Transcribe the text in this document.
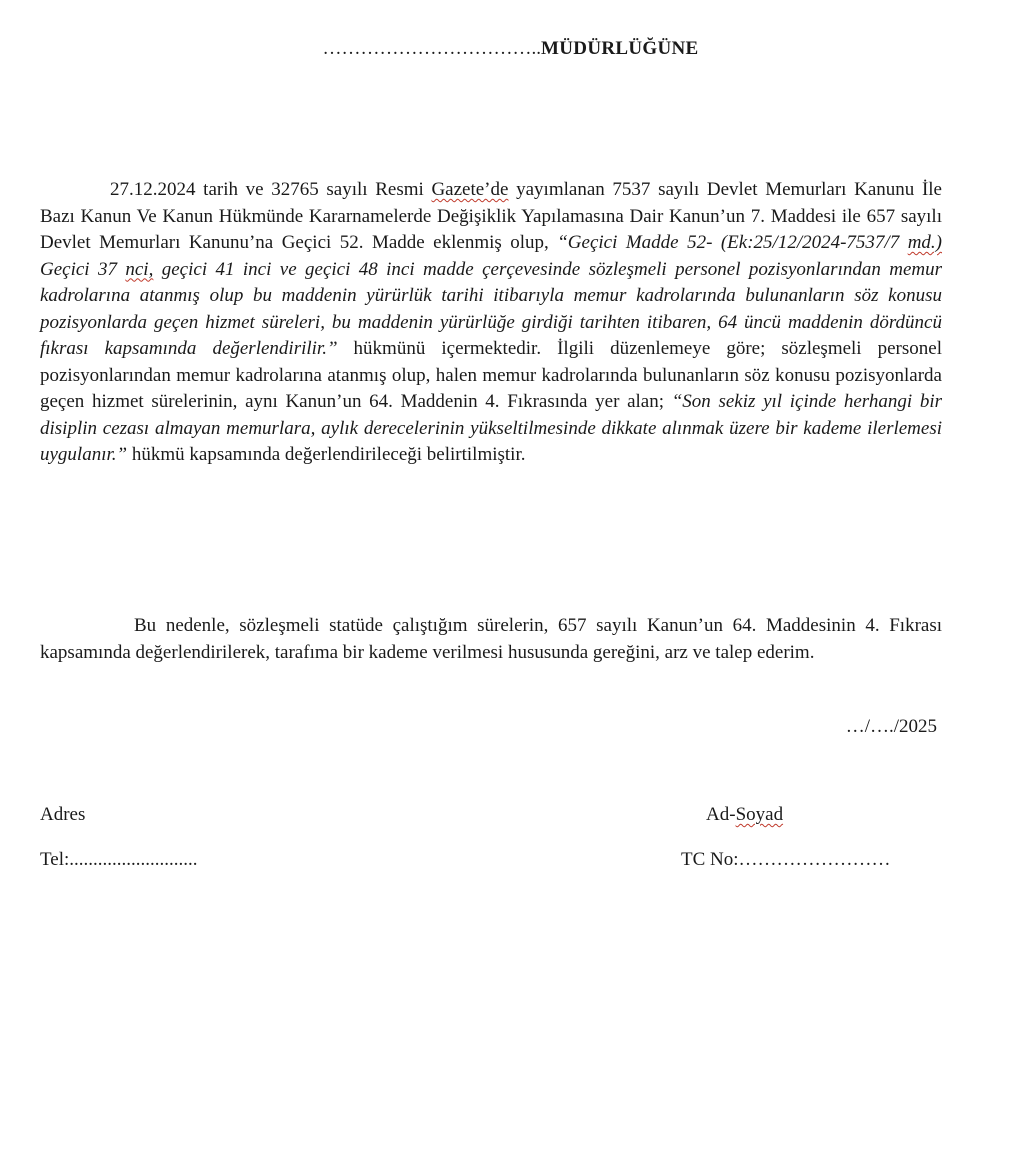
……………………………..MÜDÜRLÜĞÜNE

27.12.2024 tarih ve 32765 sayılı Resmi Gazete’de yayımlanan 7537 sayılı Devlet Memurları Kanunu İle Bazı Kanun Ve Kanun Hükmünde Kararnamelerde Değişiklik Yapılamasına Dair Kanun’un 7. Maddesi ile 657 sayılı Devlet Memurları Kanunu’na Geçici 52. Madde eklenmiş olup, “Geçici Madde 52- (Ek:25/12/2024-7537/7 md.) Geçici 37 nci, geçici 41 inci ve geçici 48 inci madde çerçevesinde sözleşmeli personel pozisyonlarından memur kadrolarına atanmış olup bu maddenin yürürlük tarihi itibarıyla memur kadrolarında bulunanların söz konusu pozisyonlarda geçen hizmet süreleri, bu maddenin yürürlüğe girdiği tarihten itibaren, 64 üncü maddenin dördüncü fıkrası kapsamında değerlendirilir.” hükmünü içermektedir. İlgili düzenlemeye göre; sözleşmeli personel pozisyonlarından memur kadrolarına atanmış olup, halen memur kadrolarında bulunanların söz konusu pozisyonlarda geçen hizmet sürelerinin, aynı Kanun’un 64. Maddenin 4. Fıkrasında yer alan; “Son sekiz yıl içinde herhangi bir disiplin cezası almayan memurlara, aylık derecelerinin yükseltilmesinde dikkate alınmak üzere bir kademe ilerlemesi uygulanır.” hükmü kapsamında değerlendirileceği belirtilmiştir.

Bu nedenle, sözleşmeli statüde çalıştığım sürelerin, 657 sayılı Kanun’un 64. Maddesinin 4. Fıkrası kapsamında değerlendirilerek, tarafıma bir kademe verilmesi hususunda gereğini, arz ve talep ederim.

…/…./2025
Adres	Ad-Soyad
Tel:...........................	TC No:……………………
